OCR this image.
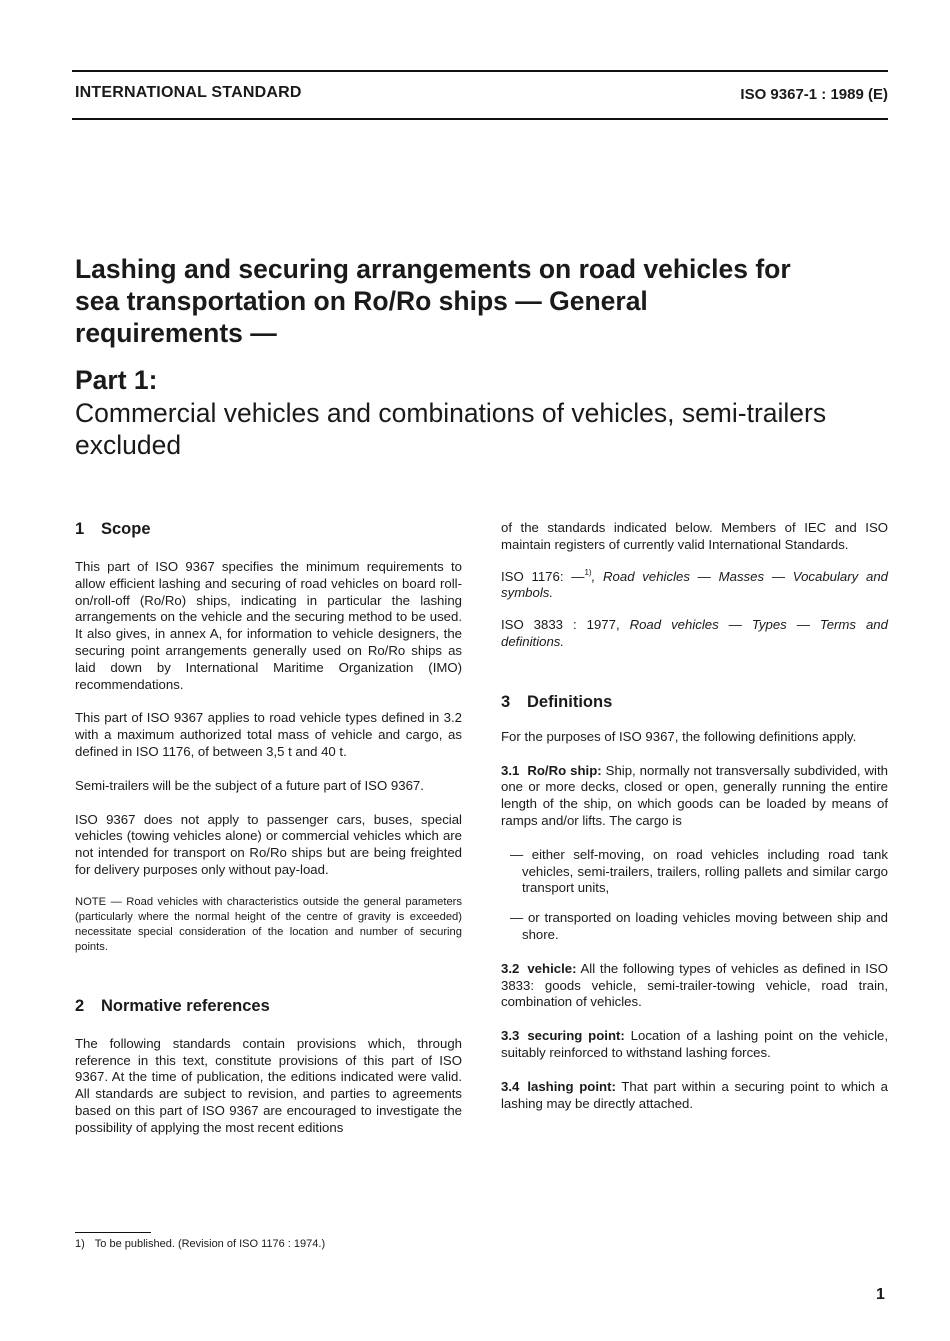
INTERNATIONAL STANDARD	ISO 9367-1 : 1989 (E)
Lashing and securing arrangements on road vehicles for
sea transportation on Ro/Ro ships — General
requirements —
Part 1:
Commercial vehicles and combinations of vehicles, semi-trailers
excluded
1 Scope

This part of ISO 9367 specifies the minimum requirements to allow efficient lashing and securing of road vehicles on board roll-on/roll-off (Ro/Ro) ships, indicating in particular the lashing arrangements on the vehicle and the securing method to be used. It also gives, in annex A, for information to vehicle designers, the securing point arrangements generally used on Ro/Ro ships as laid down by International Maritime Organization (IMO) recommendations.

This part of ISO 9367 applies to road vehicle types defined in 3.2 with a maximum authorized total mass of vehicle and cargo, as defined in ISO 1176, of between 3,5 t and 40 t.

Semi-trailers will be the subject of a future part of ISO 9367.

ISO 9367 does not apply to passenger cars, buses, special vehicles (towing vehicles alone) or commercial vehicles which are not intended for transport on Ro/Ro ships but are being freighted for delivery purposes only without pay-load.

NOTE — Road vehicles with characteristics outside the general parameters (particularly where the normal height of the centre of gravity is exceeded) necessitate special consideration of the location and number of securing points.

2 Normative references

The following standards contain provisions which, through reference in this text, constitute provisions of this part of ISO 9367. At the time of publication, the editions indicated were valid. All standards are subject to revision, and parties to agreements based on this part of ISO 9367 are encouraged to investigate the possibility of applying the most recent editions

of the standards indicated below. Members of IEC and ISO maintain registers of currently valid International Standards.

ISO 1176: —$^{1)}$, Road vehicles — Masses — Vocabulary and symbols.

ISO 3833 : 1977, Road vehicles — Types — Terms and definitions.

3 Definitions

For the purposes of ISO 9367, the following definitions apply.

3.1 Ro/Ro ship: Ship, normally not transversally subdivided, with one or more decks, closed or open, generally running the entire length of the ship, on which goods can be loaded by means of ramps and/or lifts. The cargo is

— either self-moving, on road vehicles including road tank vehicles, semi-trailers, trailers, rolling pallets and similar cargo transport units,

— or transported on loading vehicles moving between ship and shore.

3.2 vehicle: All the following types of vehicles as defined in ISO 3833: goods vehicle, semi-trailer-towing vehicle, road train, combination of vehicles.

3.3 securing point: Location of a lashing point on the vehicle, suitably reinforced to withstand lashing forces.

3.4 lashing point: That part within a securing point to which a lashing may be directly attached.

1) To be published. (Revision of ISO 1176 : 1974.)
1
